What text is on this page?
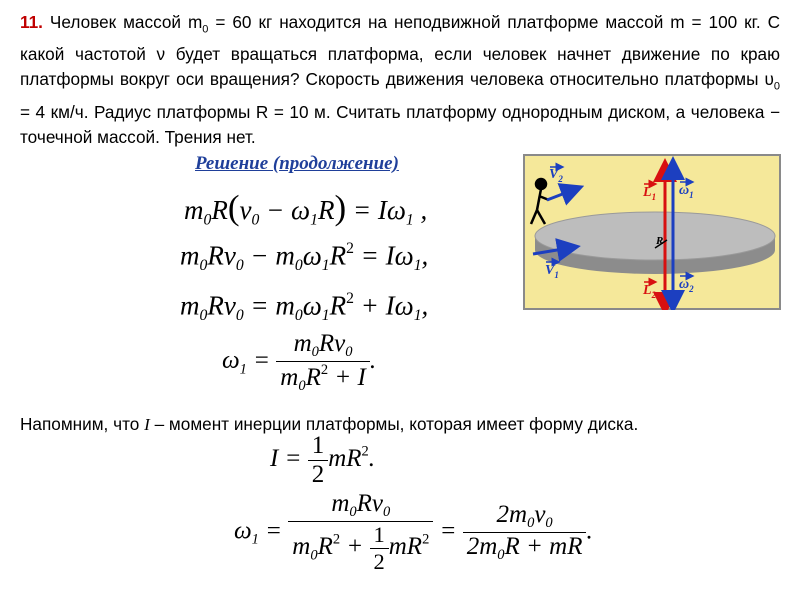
11. Человек массой $m_0 = 60$ кг находится на неподвижной платформе массой m = 100 кг. С какой частотой ν будет вращаться платформа, если человек начнет движение по краю платформы вокруг оси вращения? Скорость движения человека относительно платформы $\upsilon_0 = 4$ км/ч. Радиус платформы R = 10 м. Считать платформу однородным диском, а человека − точечной массой. Трения нет.
Решение (продолжение)
$m_0R(v_0 - \omega_1R) = I\omega_1$ ,
$m_0Rv_0 - m_0\omega_1R^2 = I\omega_1$,
$m_0Rv_0 = m_0\omega_1R^2 + I\omega_1$,
$\omega_1 = \frac{m_0Rv_0}{m_0R^2 + I}$ .
Напомним, что I – момент инерции платформы, которая имеет форму диска.
$I = \frac{1}{2} mR^2$.
$\omega_1 = \frac{m_0Rv_0}{m_0R^2 + \frac{1}{2} mR^2} = \frac{2m_0v_0}{2m_0R + mR}$ .
$V_2$
$V_1$
$L_1$
$L_2$
$\omega_1$
$\omega_2$
R
